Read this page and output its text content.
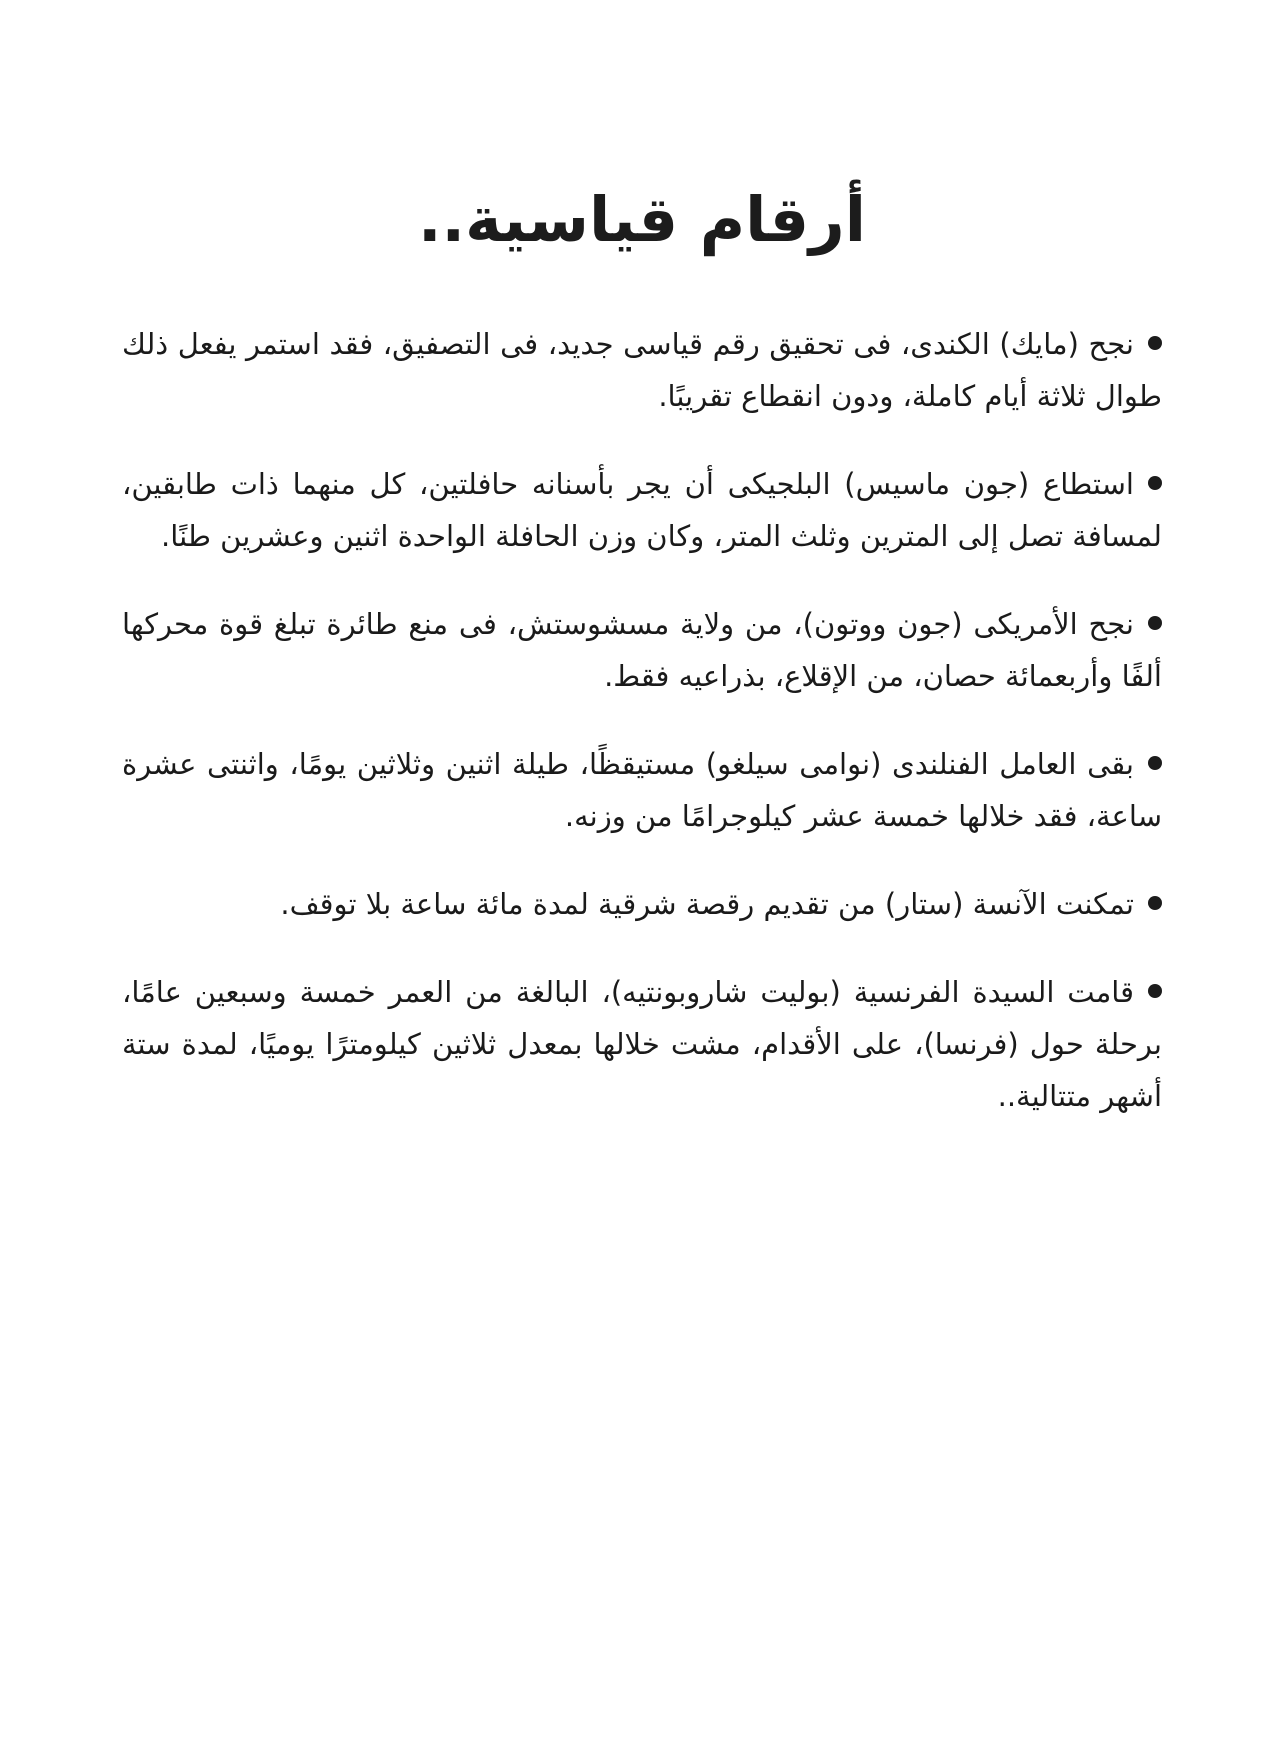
أرقام قياسية..
نجح (مايك) الكندى، فى تحقيق رقم قياسى جديد، فى التصفيق، فقد استمر يفعل ذلك طوال ثلاثة أيام كاملة، ودون انقطاع تقريبًا.
استطاع (جون ماسيس) البلجيكى أن يجر بأسنانه حافلتين، كل منهما ذات طابقين، لمسافة تصل إلى المترين وثلث المتر، وكان وزن الحافلة الواحدة اثنين وعشرين طنًا.
نجح الأمريكى (جون ووتون)، من ولاية مسشوستش، فى منع طائرة تبلغ قوة محركها ألفًا وأربعمائة حصان، من الإقلاع، بذراعيه فقط.
بقى العامل الفنلندى (نوامى سيلغو) مستيقظًا، طيلة اثنين وثلاثين يومًا، واثنتى عشرة ساعة، فقد خلالها خمسة عشر كيلوجرامًا من وزنه.
تمكنت الآنسة (ستار) من تقديم رقصة شرقية لمدة مائة ساعة بلا توقف.
قامت السيدة الفرنسية (بوليت شاروبونتيه)، البالغة من العمر خمسة وسبعين عامًا، برحلة حول (فرنسا)، على الأقدام، مشت خلالها بمعدل ثلاثين كيلومترًا يوميًا، لمدة ستة أشهر متتالية..
